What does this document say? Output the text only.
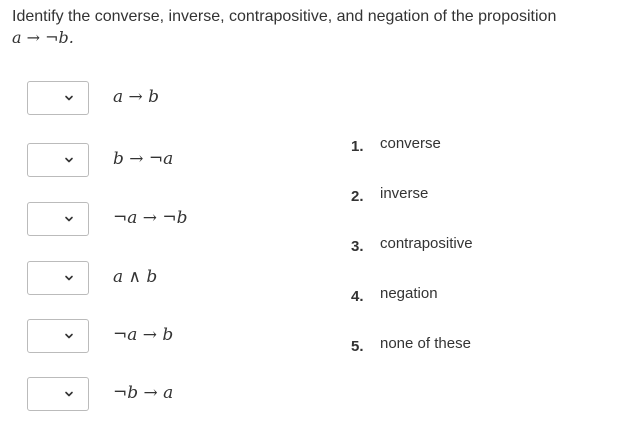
Identify the converse, inverse, contrapositive, and negation of the proposition
a → ¬b.
a → b
b → ¬a
¬a → ¬b
a ∧ b
¬a → b
¬b → a
1. converse
2. inverse
3. contrapositive
4. negation
5. none of these
